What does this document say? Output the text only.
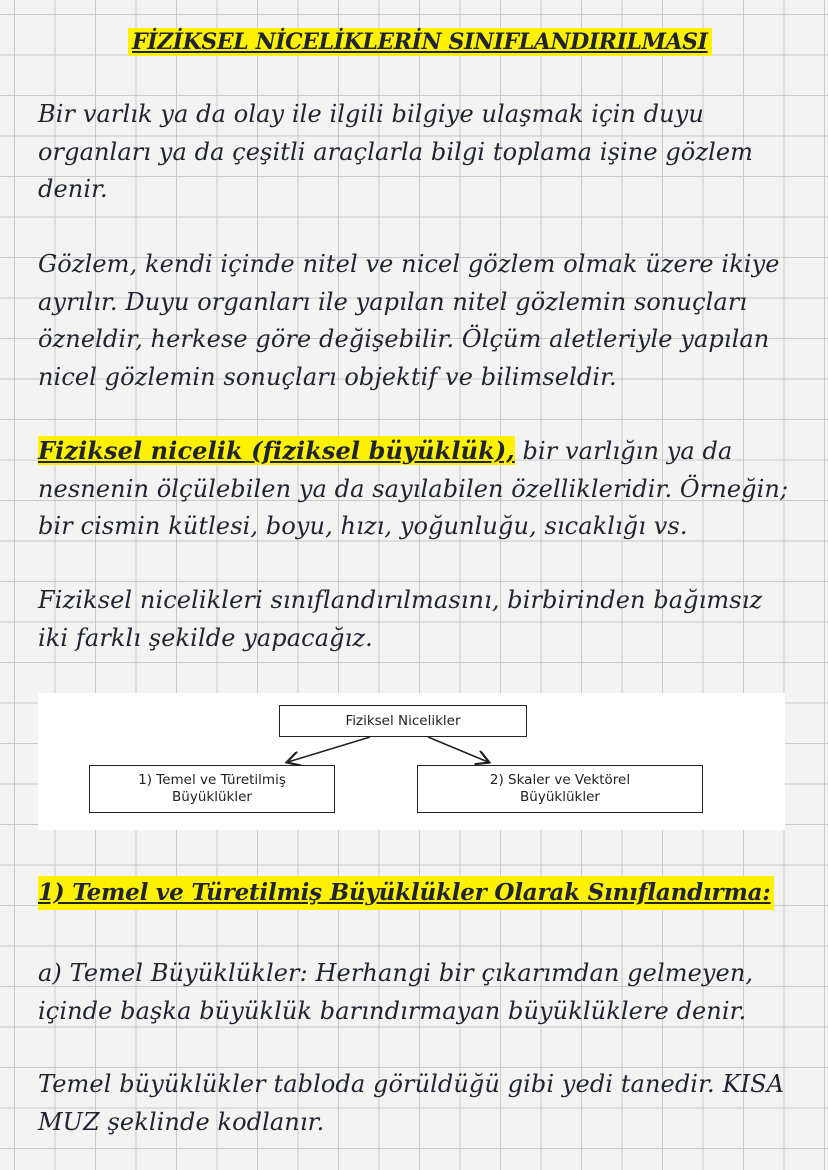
FİZİKSEL NİCELİKLERİN SINIFLANDIRILMASI
Bir varlık ya da olay ile ilgili bilgiye ulaşmak için duyu organları ya da çeşitli araçlarla bilgi toplama işine gözlem denir.
Gözlem, kendi içinde nitel ve nicel gözlem olmak üzere ikiye ayrılır. Duyu organları ile yapılan nitel gözlemin sonuçları özneldir, herkese göre değişebilir. Ölçüm aletleriyle yapılan nicel gözlemin sonuçları objektif ve bilimseldir.
Fiziksel nicelik (fiziksel büyüklük), bir varlığın ya da nesnenin ölçülebilen ya da sayılabilen özellikleridir. Örneğin; bir cismin kütlesi, boyu, hızı, yoğunluğu, sıcaklığı vs.
Fiziksel nicelikleri sınıflandırılmasını, birbirinden bağımsız iki farklı şekilde yapacağız.
Fiziksel Nicelikler
1) Temel ve Türetilmiş
Büyüklükler
2) Skaler ve Vektörel
Büyüklükler
1) Temel ve Türetilmiş Büyüklükler Olarak Sınıflandırma:
a) Temel Büyüklükler: Herhangi bir çıkarımdan gelmeyen, içinde başka büyüklük barındırmayan büyüklüklere denir.
Temel büyüklükler tabloda görüldüğü gibi yedi tanedir. KISA MUZ şeklinde kodlanır.
